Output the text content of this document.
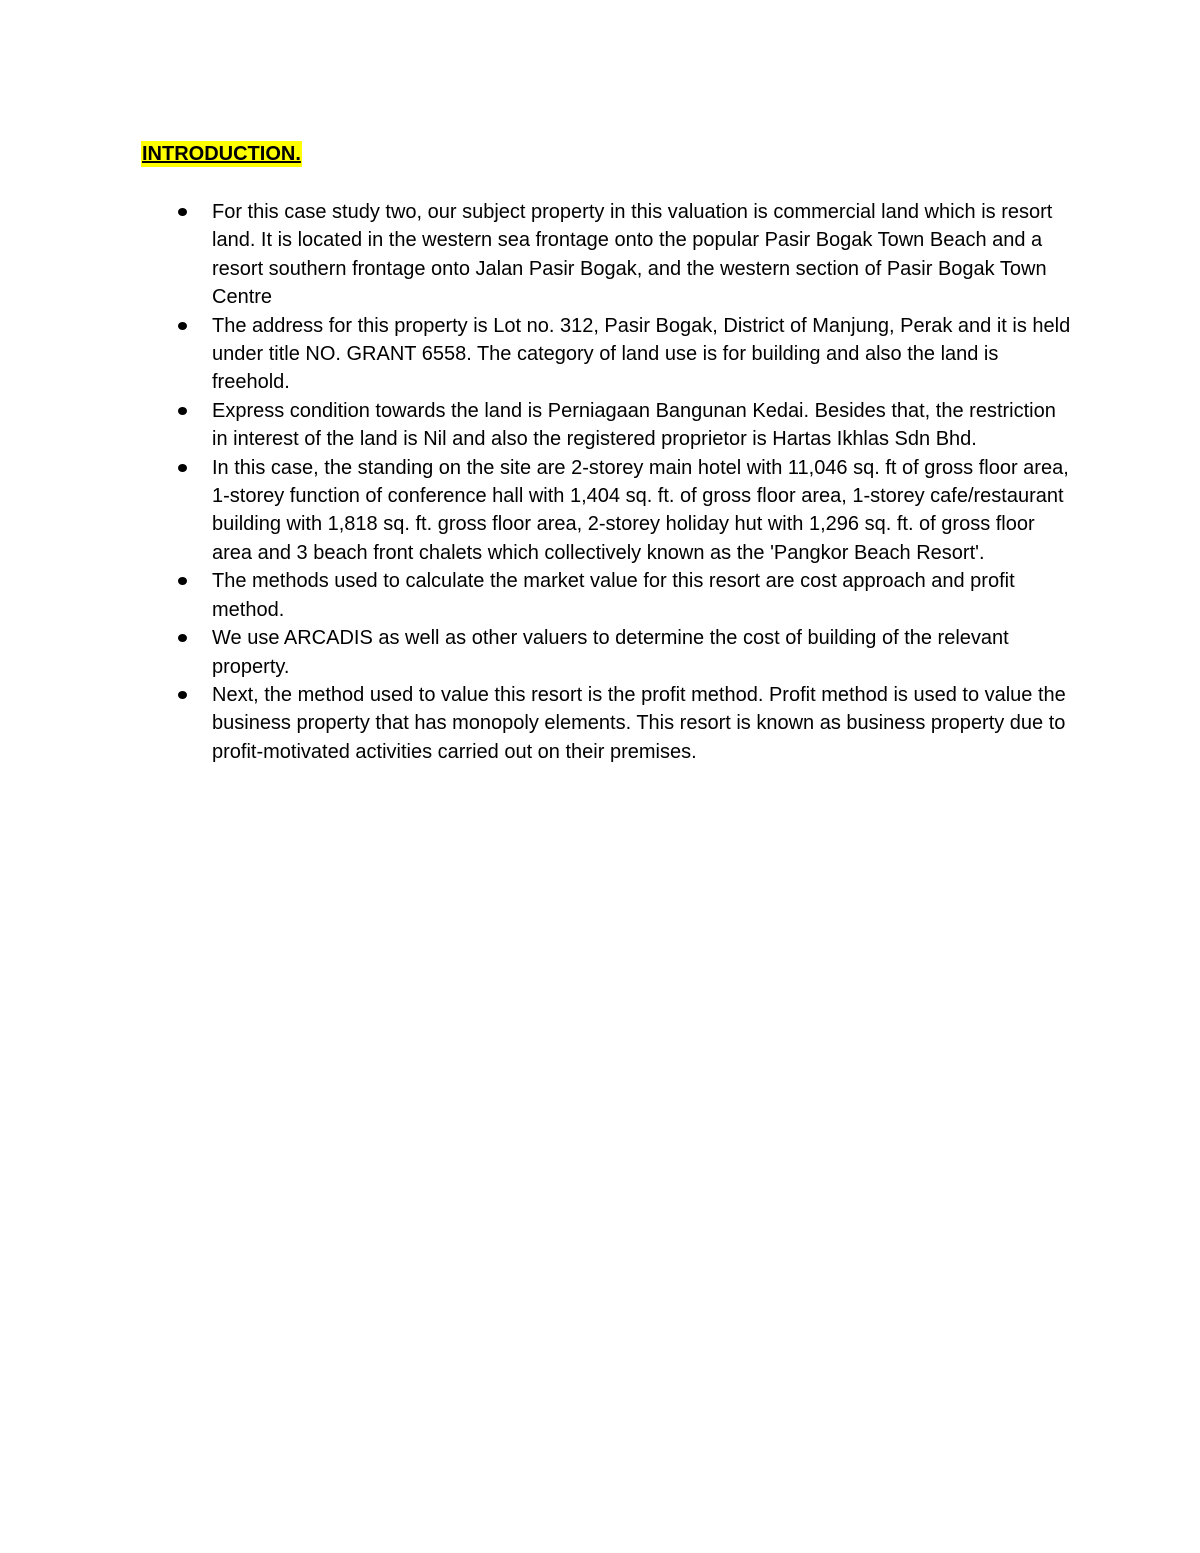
INTRODUCTION.
For this case study two, our subject property in this valuation is commercial land which is resort land. It is located in the western sea frontage onto the popular Pasir Bogak Town Beach and a resort southern frontage onto Jalan Pasir Bogak, and the western section of Pasir Bogak Town Centre
The address for this property is Lot no. 312, Pasir Bogak, District of Manjung, Perak and it is held under title NO. GRANT 6558. The category of land use is for building and also the land is freehold.
Express condition towards the land is Perniagaan Bangunan Kedai. Besides that, the restriction in interest of the land is Nil and also the registered proprietor is Hartas Ikhlas Sdn Bhd.
In this case, the standing on the site are 2-storey main hotel with 11,046 sq. ft of gross floor area, 1-storey function of conference hall with 1,404 sq. ft. of gross floor area, 1-storey cafe/restaurant building with 1,818 sq. ft. gross floor area, 2-storey holiday hut with 1,296 sq. ft. of gross floor area and 3 beach front chalets which collectively known as the 'Pangkor Beach Resort'.
The methods used to calculate the market value for this resort are cost approach and profit method.
We use ARCADIS as well as other valuers to determine the cost of building of the relevant property.
Next, the method used to value this resort is the profit method. Profit method is used to value the business property that has monopoly elements. This resort is known as business property due to profit-motivated activities carried out on their premises.
